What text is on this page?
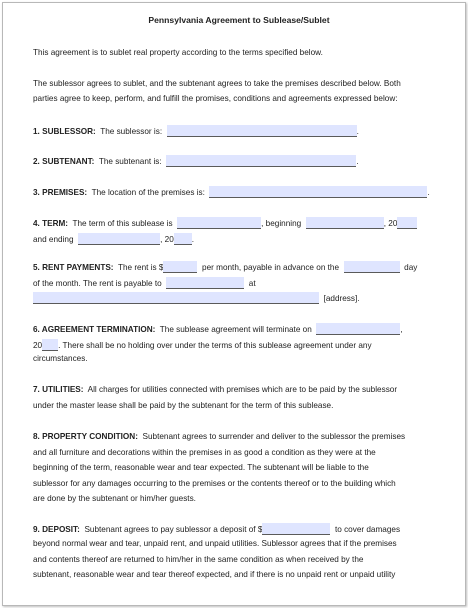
Pennsylvania Agreement to Sublease/Sublet
This agreement is to sublet real property according to the terms specified below.
The sublessor agrees to sublet, and the subtenant agrees to take the premises described below. Both
parties agree to keep, perform, and fulfill the promises, conditions and agreements expressed below:
1. SUBLESSOR: The sublessor is:	.
2. SUBTENANT: The subtenant is:	.
3. PREMISES: The location of the premises is:	.
4. TERM: The term of this sublease is	, beginning	, 20
and ending	, 20 .
5. RENT PAYMENTS: The rent is $	per month, payable in advance on the	day
of the month. The rent is payable to	at
[address].
6. AGREEMENT TERMINATION: The sublease agreement will terminate on	,
20 . There shall be no holding over under the terms of this sublease agreement under any
circumstances.
7. UTILITIES: All charges for utilities connected with premises which are to be paid by the sublessor
under the master lease shall be paid by the subtenant for the term of this sublease.
8. PROPERTY CONDITION: Subtenant agrees to surrender and deliver to the sublessor the premises
and all furniture and decorations within the premises in as good a condition as they were at the
beginning of the term, reasonable wear and tear expected. The subtenant will be liable to the
sublessor for any damages occurring to the premises or the contents thereof or to the building which
are done by the subtenant or him/her guests.
9. DEPOSIT: Subtenant agrees to pay sublessor a deposit of $	to cover damages
beyond normal wear and tear, unpaid rent, and unpaid utilities. Sublessor agrees that if the premises
and contents thereof are returned to him/her in the same condition as when received by the
subtenant, reasonable wear and tear thereof expected, and if there is no unpaid rent or unpaid utility
